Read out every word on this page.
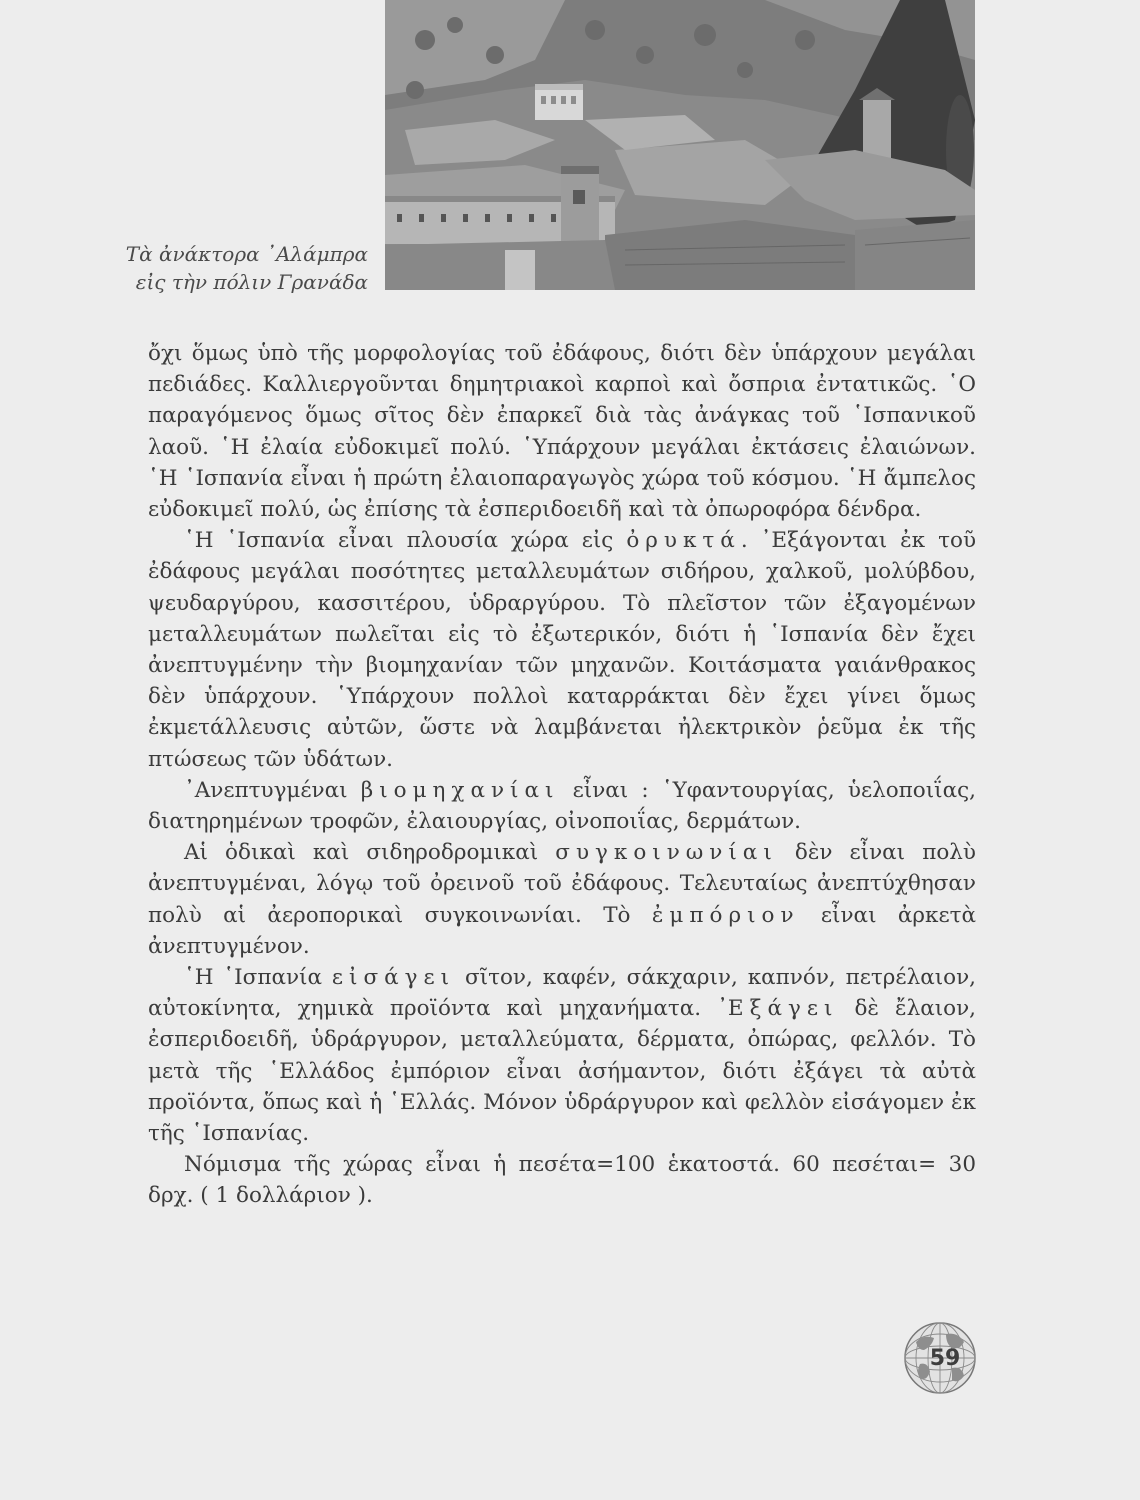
Τὰ ἀνάκτορα ᾽Αλάμπρα
εἰς τὴν πόλιν Γρανάδα

ὄχι ὅμως ὑπὸ τῆς μορφολογίας τοῦ ἐδάφους, διότι δὲν ὑπάρχουν μεγάλαι πεδιάδες. Καλλιεργοῦνται δημητριακοὶ καρποὶ καὶ ὄσπρια ἐντατικῶς. ῾Ο παραγόμενος ὅμως σῖτος δὲν ἐπαρκεῖ διὰ τὰς ἀνάγκας τοῦ ῾Ισπανικοῦ λαοῦ. ῾Η ἐλαία εὐδοκιμεῖ πολύ. ῾Υπάρχουν μεγάλαι ἐκτάσεις ἐλαιώνων. ῾Η ῾Ισπανία εἶναι ἡ πρώτη ἐλαιοπαραγωγὸς χώρα τοῦ κόσμου. ῾Η ἄμπελος εὐδοκιμεῖ πολύ, ὡς ἐπίσης τὰ ἐσπεριδοειδῆ καὶ τὰ ὀπωροφόρα δένδρα.

῾Η ῾Ισπανία εἶναι πλουσία χώρα εἰς ὀρυκτά. ᾽Εξάγονται ἐκ τοῦ ἐδάφους μεγάλαι ποσότητες μεταλλευμάτων σιδήρου, χαλκοῦ, μολύβδου, ψευδαργύρου, κασσιτέρου, ὑδραργύρου. Τὸ πλεῖστον τῶν ἐξαγομένων μεταλλευμάτων πωλεῖται εἰς τὸ ἐξωτερικόν, διότι ἡ ῾Ισπανία δὲν ἔχει ἀνεπτυγμένην τὴν βιομηχανίαν τῶν μηχανῶν. Κοιτάσματα γαιάνθρακος δὲν ὑπάρχουν. ῾Υπάρχουν πολλοὶ καταρράκται δὲν ἔχει γίνει ὅμως ἐκμετάλλευσις αὐτῶν, ὥστε νὰ λαμβάνεται ἠλεκτρικὸν ῥεῦμα ἐκ τῆς πτώσεως τῶν ὑδάτων.

᾽Ανεπτυγμέναι βιομηχανίαι εἶναι : ῾Υφαντουργίας, ὑελοποιΐας, διατηρημένων τροφῶν, ἐλαιουργίας, οἰνοποιΐας, δερμάτων.

Αἱ ὁδικαὶ καὶ σιδηροδρομικαὶ συγκοινωνίαι δὲν εἶναι πολὺ ἀνεπτυγμέναι, λόγῳ τοῦ ὀρεινοῦ τοῦ ἐδάφους. Τελευταίως ἀνεπτύχθησαν πολὺ αἱ ἀεροπορικαὶ συγκοινωνίαι. Τὸ ἐμπόριον εἶναι ἀρκετὰ ἀνεπτυγμένον.

῾Η ῾Ισπανία εἰσάγει σῖτον, καφέν, σάκχαριν, καπνόν, πετρέλαιον, αὐτοκίνητα, χημικὰ προϊόντα καὶ μηχανήματα. ᾽Εξάγει δὲ ἔλαιον, ἐσπεριδοειδῆ, ὑδράργυρον, μεταλλεύματα, δέρματα, ὀπώρας, φελλόν. Τὸ μετὰ τῆς ῾Ελλάδος ἐμπόριον εἶναι ἀσήμαντον, διότι ἐξάγει τὰ αὐτὰ προϊόντα, ὅπως καὶ ἡ ῾Ελλάς. Μόνον ὑδράργυρον καὶ φελλὸν εἰσάγομεν ἐκ τῆς ῾Ισπανίας.

Νόμισμα τῆς χώρας εἶναι ἡ πεσέτα=100 ἑκατοστά. 60 πεσέται= 30 δρχ. ( 1 δολλάριον ).

59
